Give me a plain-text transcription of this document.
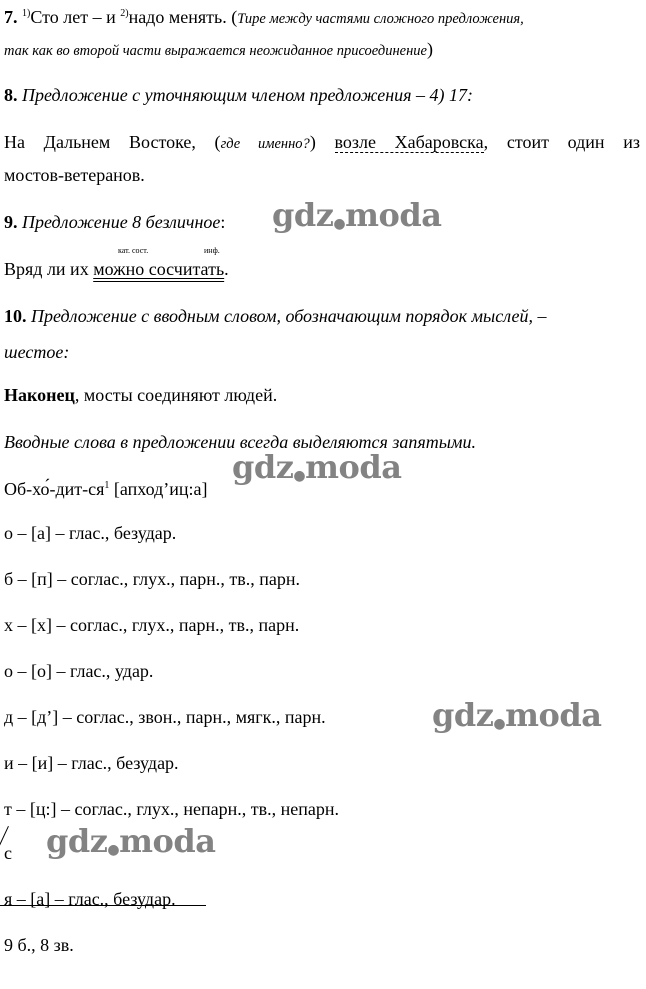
7. $^{1)}$Сто лет – и $^{2)}$надо менять. (Тире между частями сложного предложения,
так как во второй части выражается неожиданное присоединение)
8. Предложение с уточняющим членом предложения – 4) 17:
На Дальнем Востоке, (где именно?) возле Хабаровска, стоит один из
мостов-ветеранов.
9. Предложение 8 безличное:
кат. сост.	инф.
Вряд ли их можно сосчитать.
10. Предложение с вводным словом, обозначающим порядок мыслей, –
шестое:
Наконец, мосты соединяют людей.
Вводные слова в предложении всегда выделяются запятыми.
$Об-хо́-дит-ся^1$ [апход’иц:а]
о – [а] – глас., безудар.
б – [п] – соглас., глух., парн., тв., парн.
х – [х] – соглас., глух., парн., тв., парн.
о – [о] – глас., удар.
д – [д’] – соглас., звон., парн., мягк., парн.
и – [и] – глас., безудар.
т – [ц:] – соглас., глух., непарн., тв., непарн.
с
я – [а] – глас., безудар.
9 б., 8 зв.
gdz●moda
gdz●moda
gdz●moda
gdz●moda
